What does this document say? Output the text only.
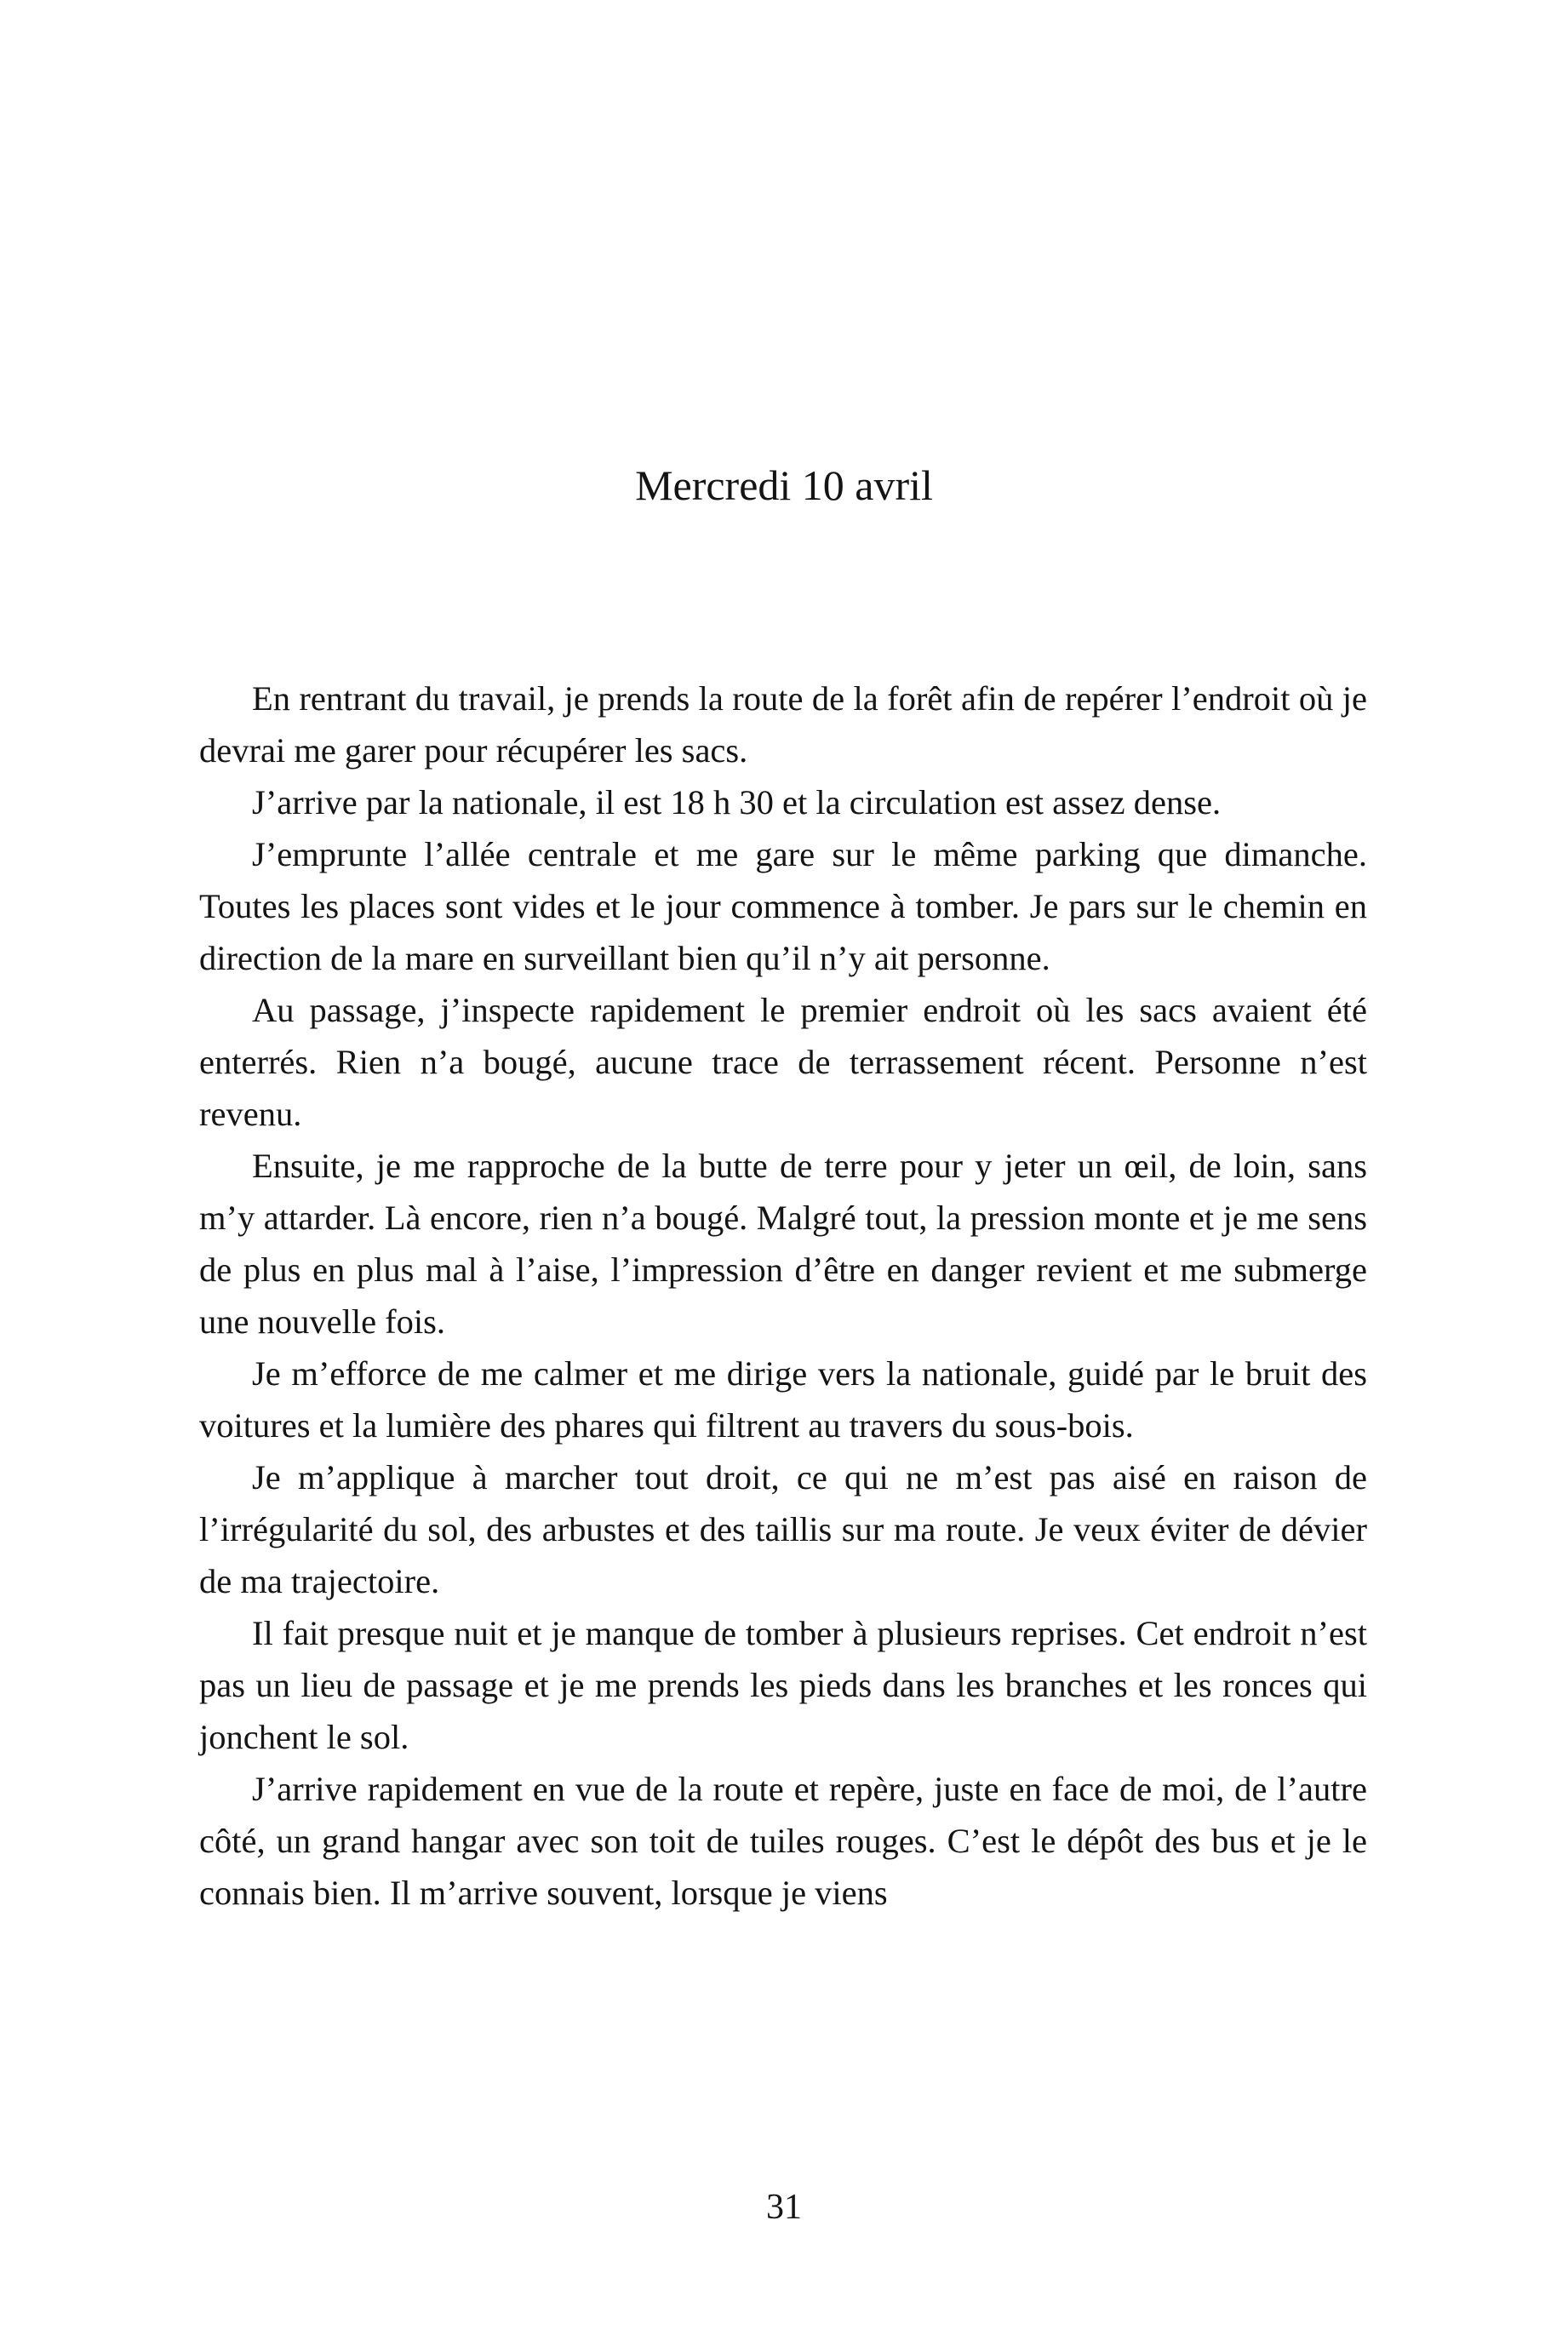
Mercredi 10 avril

En rentrant du travail, je prends la route de la forêt afin de repérer l’endroit où je devrai me garer pour récupérer les sacs.

J’arrive par la nationale, il est 18 h 30 et la circulation est assez dense.

J’emprunte l’allée centrale et me gare sur le même parking que dimanche. Toutes les places sont vides et le jour commence à tomber. Je pars sur le chemin en direction de la mare en surveillant bien qu’il n’y ait personne.

Au passage, j’inspecte rapidement le premier endroit où les sacs avaient été enterrés. Rien n’a bougé, aucune trace de terrassement récent. Personne n’est revenu.

Ensuite, je me rapproche de la butte de terre pour y jeter un œil, de loin, sans m’y attarder. Là encore, rien n’a bougé. Malgré tout, la pression monte et je me sens de plus en plus mal à l’aise, l’impression d’être en danger revient et me submerge une nouvelle fois.

Je m’efforce de me calmer et me dirige vers la nationale, guidé par le bruit des voitures et la lumière des phares qui filtrent au travers du sous-bois.

Je m’applique à marcher tout droit, ce qui ne m’est pas aisé en raison de l’irrégularité du sol, des arbustes et des taillis sur ma route. Je veux éviter de dévier de ma trajectoire.

Il fait presque nuit et je manque de tomber à plusieurs reprises. Cet endroit n’est pas un lieu de passage et je me prends les pieds dans les branches et les ronces qui jonchent le sol.

J’arrive rapidement en vue de la route et repère, juste en face de moi, de l’autre côté, un grand hangar avec son toit de tuiles rouges. C’est le dépôt des bus et je le connais bien. Il m’arrive souvent, lorsque je viens

31
